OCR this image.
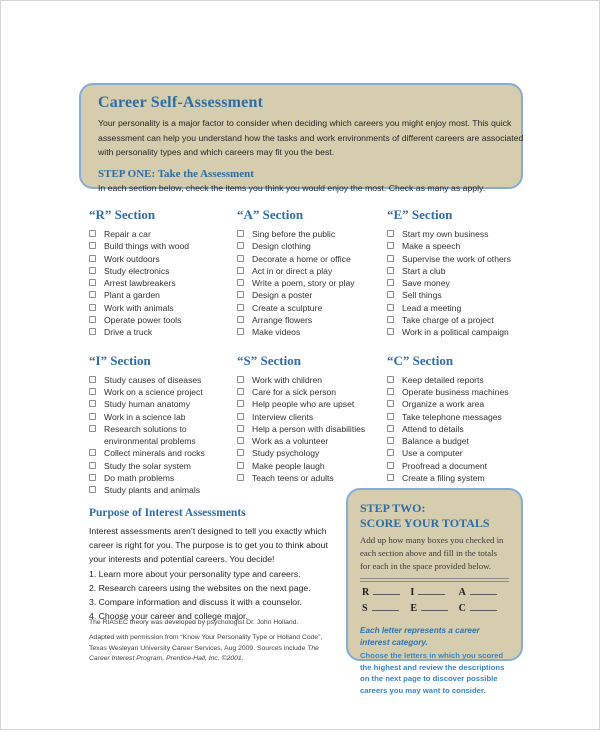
Career Self-Assessment
Your personality is a major factor to consider when deciding which careers you might enjoy most. This quick assessment can help you understand how the tasks and work environments of different careers are associated with personality types and which careers may fit you the best.
STEP ONE: Take the Assessment
In each section below, check the items you think you would enjoy the most. Check as many as apply.
“R” Section
Repair a car
Build things with wood
Work outdoors
Study electronics
Arrest lawbreakers
Plant a garden
Work with animals
Operate power tools
Drive a truck
“A” Section
Sing before the public
Design clothing
Decorate a home or office
Act in or direct a play
Write a poem, story or play
Design a poster
Create a sculpture
Arrange flowers
Make videos
“E” Section
Start my own business
Make a speech
Supervise the work of others
Start a club
Save money
Sell things
Lead a meeting
Take charge of a project
Work in a political campaign
“I” Section
Study causes of diseases
Work on a science project
Study human anatomy
Work in a science lab
Research solutions to environmental problems
Collect minerals and rocks
Study the solar system
Do math problems
Study plants and animals
“S” Section
Work with children
Care for a sick person
Help people who are upset
Interview clients
Help a person with disabilities
Work as a volunteer
Study psychology
Make people laugh
Teach teens or adults
“C” Section
Keep detailed reports
Operate business machines
Organize a work area
Take telephone messages
Attend to details
Balance a budget
Use a computer
Proofread a document
Create a filing system
Purpose of Interest Assessments
Interest assessments aren’t designed to tell you exactly which career is right for you. The purpose is to get you to think about your interests and potential careers. You decide!
1. Learn more about your personality type and careers.
2. Research careers using the websites on the next page.
3. Compare information and discuss it with a counselor.
4. Choose your career and college major.
The RIASEC theory was developed by psychologist Dr. John Holland.
Adapted with permission from “Know Your Personality Type or Holland Code”, Texas Wesleyan University Career Services, Aug 2009. Sources include The Career Interest Program, Prentice-Hall, Inc. ©2001.
STEP TWO:
SCORE YOUR TOTALS
Add up how many boxes you checked in each section above and fill in the totals for each in the space provided below.
R	I	A
S	E	C
Each letter represents a career interest category.
Choose the letters in which you scored the highest and review the descriptions on the next page to discover possible careers you may want to consider.
